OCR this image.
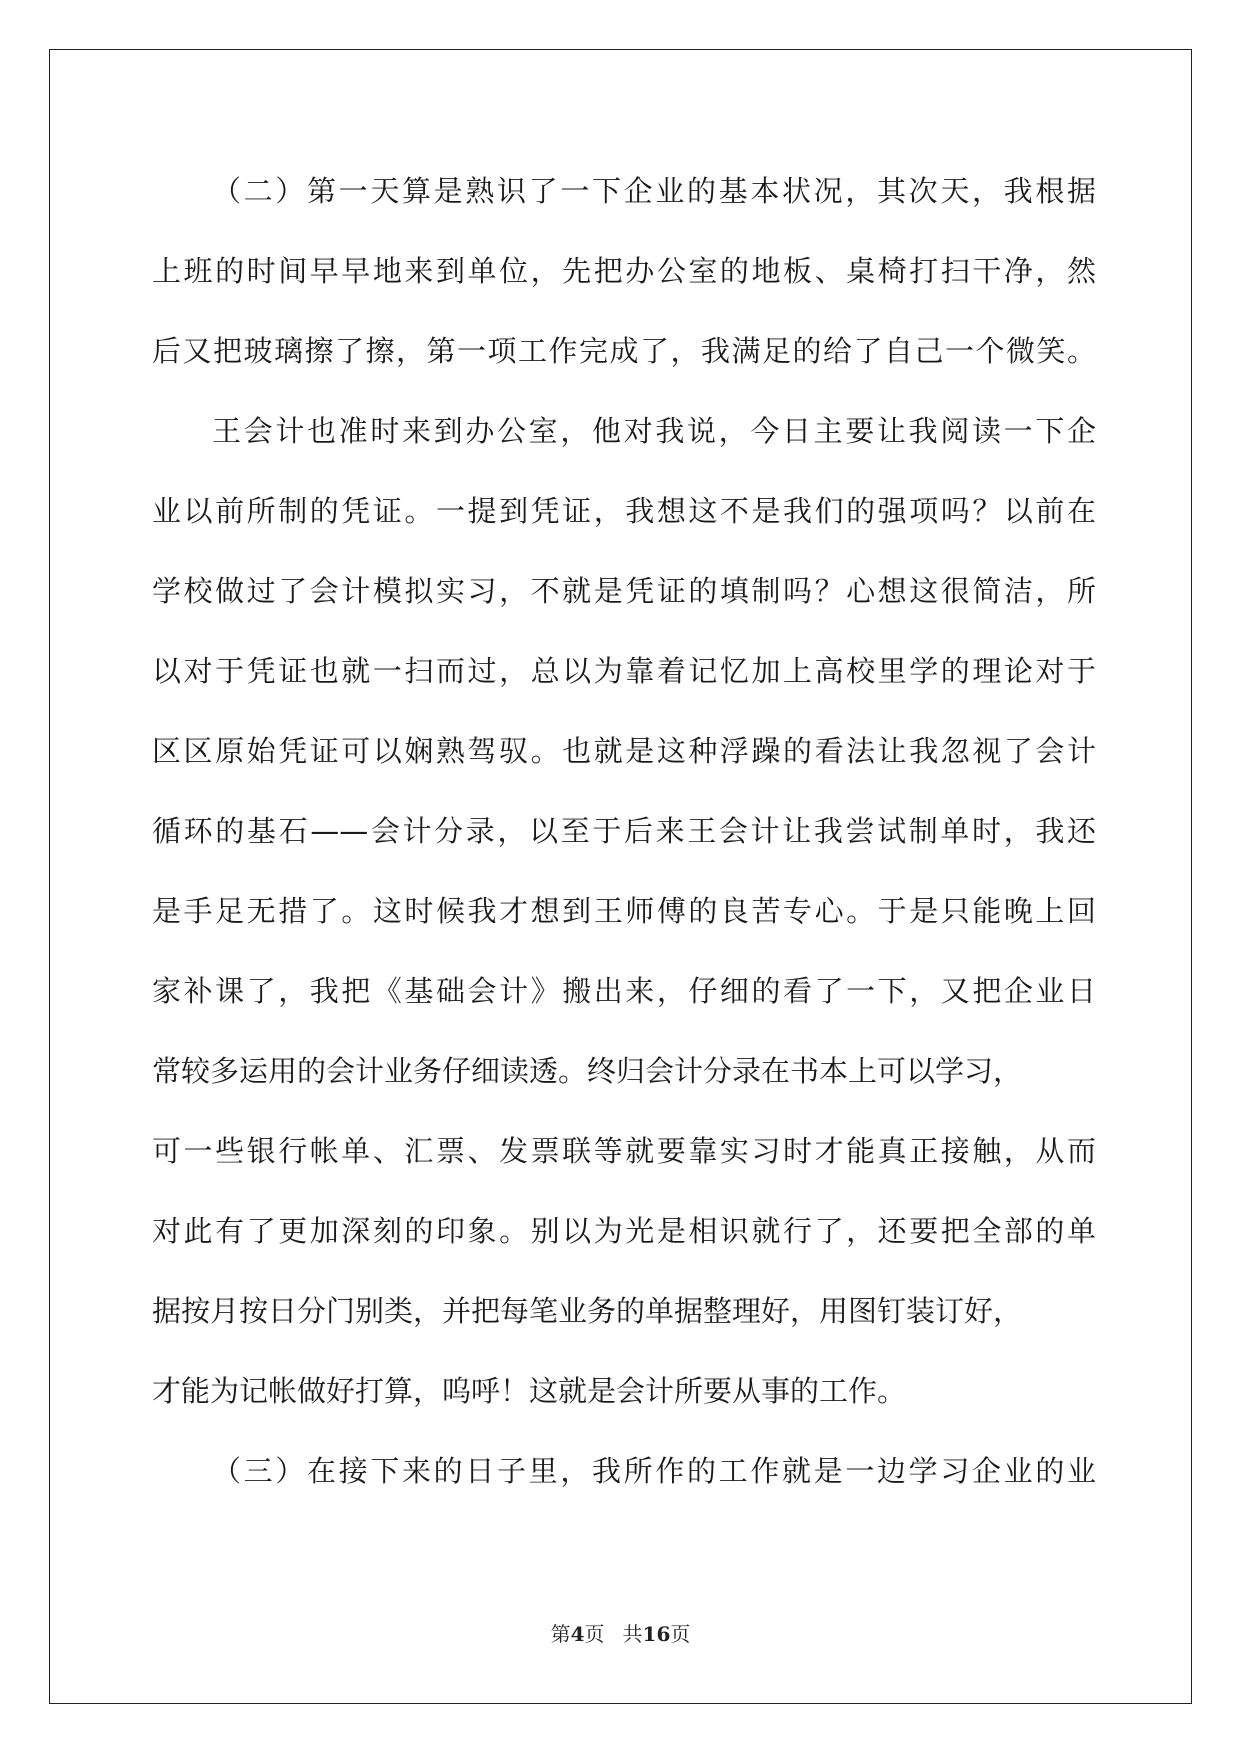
（二）第一天算是熟识了一下企业的基本状况，其次天，我根据
上班的时间早早地来到单位，先把办公室的地板、桌椅打扫干净，然
后又把玻璃擦了擦，第一项工作完成了，我满足的给了自己一个微笑。
王会计也准时来到办公室，他对我说，今日主要让我阅读一下企
业以前所制的凭证。一提到凭证，我想这不是我们的强项吗？以前在
学校做过了会计模拟实习，不就是凭证的填制吗？心想这很简洁，所
以对于凭证也就一扫而过，总以为靠着记忆加上高校里学的理论对于
区区原始凭证可以娴熟驾驭。也就是这种浮躁的看法让我忽视了会计
循环的基石——会计分录，以至于后来王会计让我尝试制单时，我还
是手足无措了。这时候我才想到王师傅的良苦专心。于是只能晚上回
家补课了，我把《基础会计》搬出来，仔细的看了一下，又把企业日
常较多运用的会计业务仔细读透。终归会计分录在书本上可以学习，
可一些银行帐单、汇票、发票联等就要靠实习时才能真正接触，从而
对此有了更加深刻的印象。别以为光是相识就行了，还要把全部的单
据按月按日分门别类，并把每笔业务的单据整理好，用图钉装订好，
才能为记帐做好打算，呜呼！这就是会计所要从事的工作。
（三）在接下来的日子里，我所作的工作就是一边学习企业的业
第4页 共16页
